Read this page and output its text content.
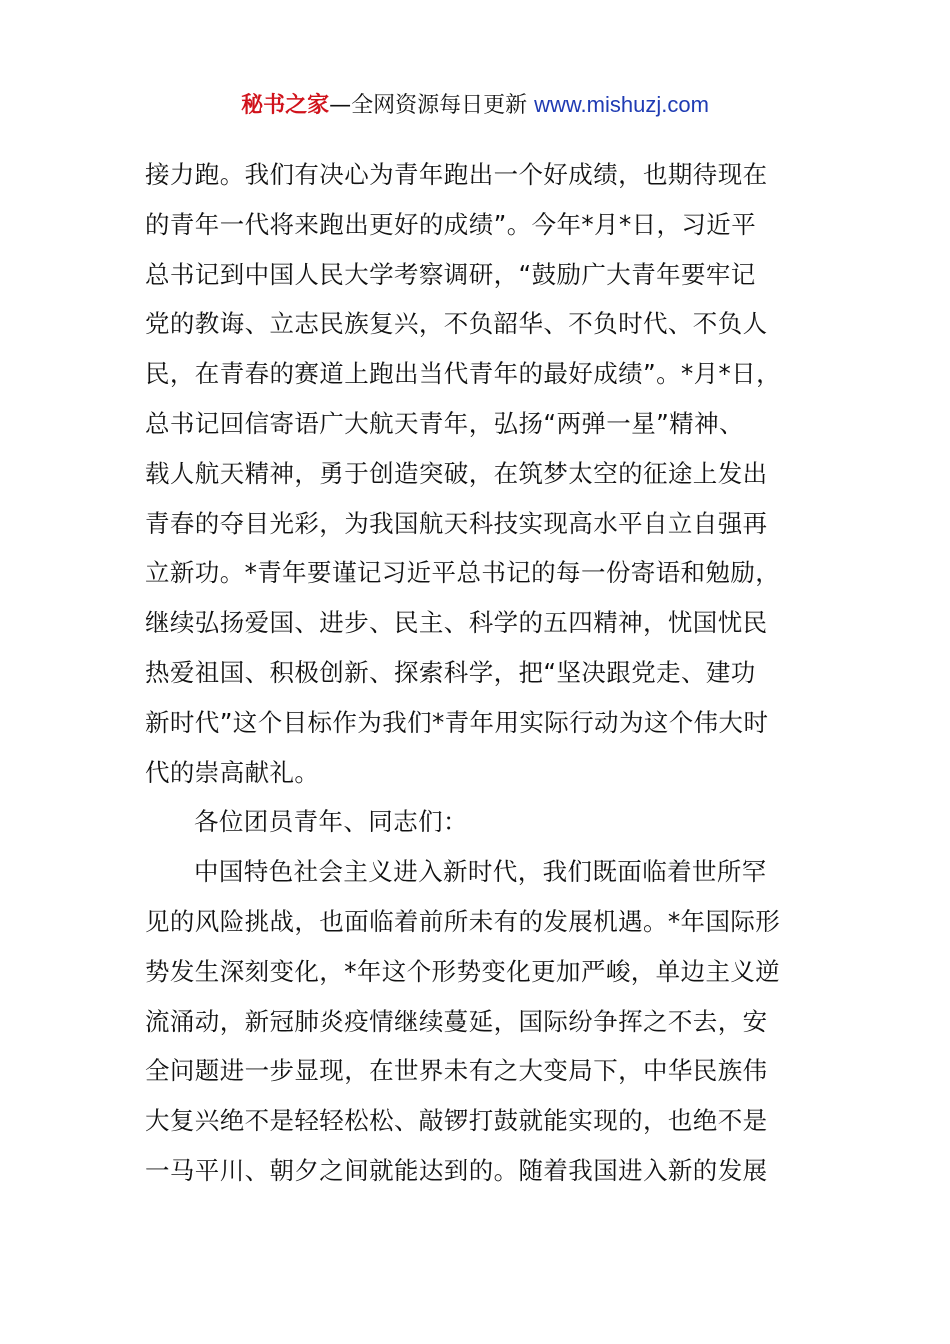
秘书之家—全网资源每日更新 www.mishuzj.com
接力跑。我们有决心为青年跑出一个好成绩，也期待现在
的青年一代将来跑出更好的成绩”。今年*月*日，习近平
总书记到中国人民大学考察调研，“鼓励广大青年要牢记
党的教诲、立志民族复兴，不负韶华、不负时代、不负人
民，在青春的赛道上跑出当代青年的最好成绩”。*月*日，
总书记回信寄语广大航天青年，弘扬“两弹一星”精神、
载人航天精神，勇于创造突破，在筑梦太空的征途上发出
青春的夺目光彩，为我国航天科技实现高水平自立自强再
立新功。*青年要谨记习近平总书记的每一份寄语和勉励，
继续弘扬爱国、进步、民主、科学的五四精神，忧国忧民
热爱祖国、积极创新、探索科学，把“坚决跟党走、建功
新时代”这个目标作为我们*青年用实际行动为这个伟大时
代的崇高献礼。
各位团员青年、同志们：
中国特色社会主义进入新时代，我们既面临着世所罕
见的风险挑战，也面临着前所未有的发展机遇。*年国际形
势发生深刻变化，*年这个形势变化更加严峻，单边主义逆
流涌动，新冠肺炎疫情继续蔓延，国际纷争挥之不去，安
全问题进一步显现，在世界未有之大变局下，中华民族伟
大复兴绝不是轻轻松松、敲锣打鼓就能实现的，也绝不是
一马平川、朝夕之间就能达到的。随着我国进入新的发展
